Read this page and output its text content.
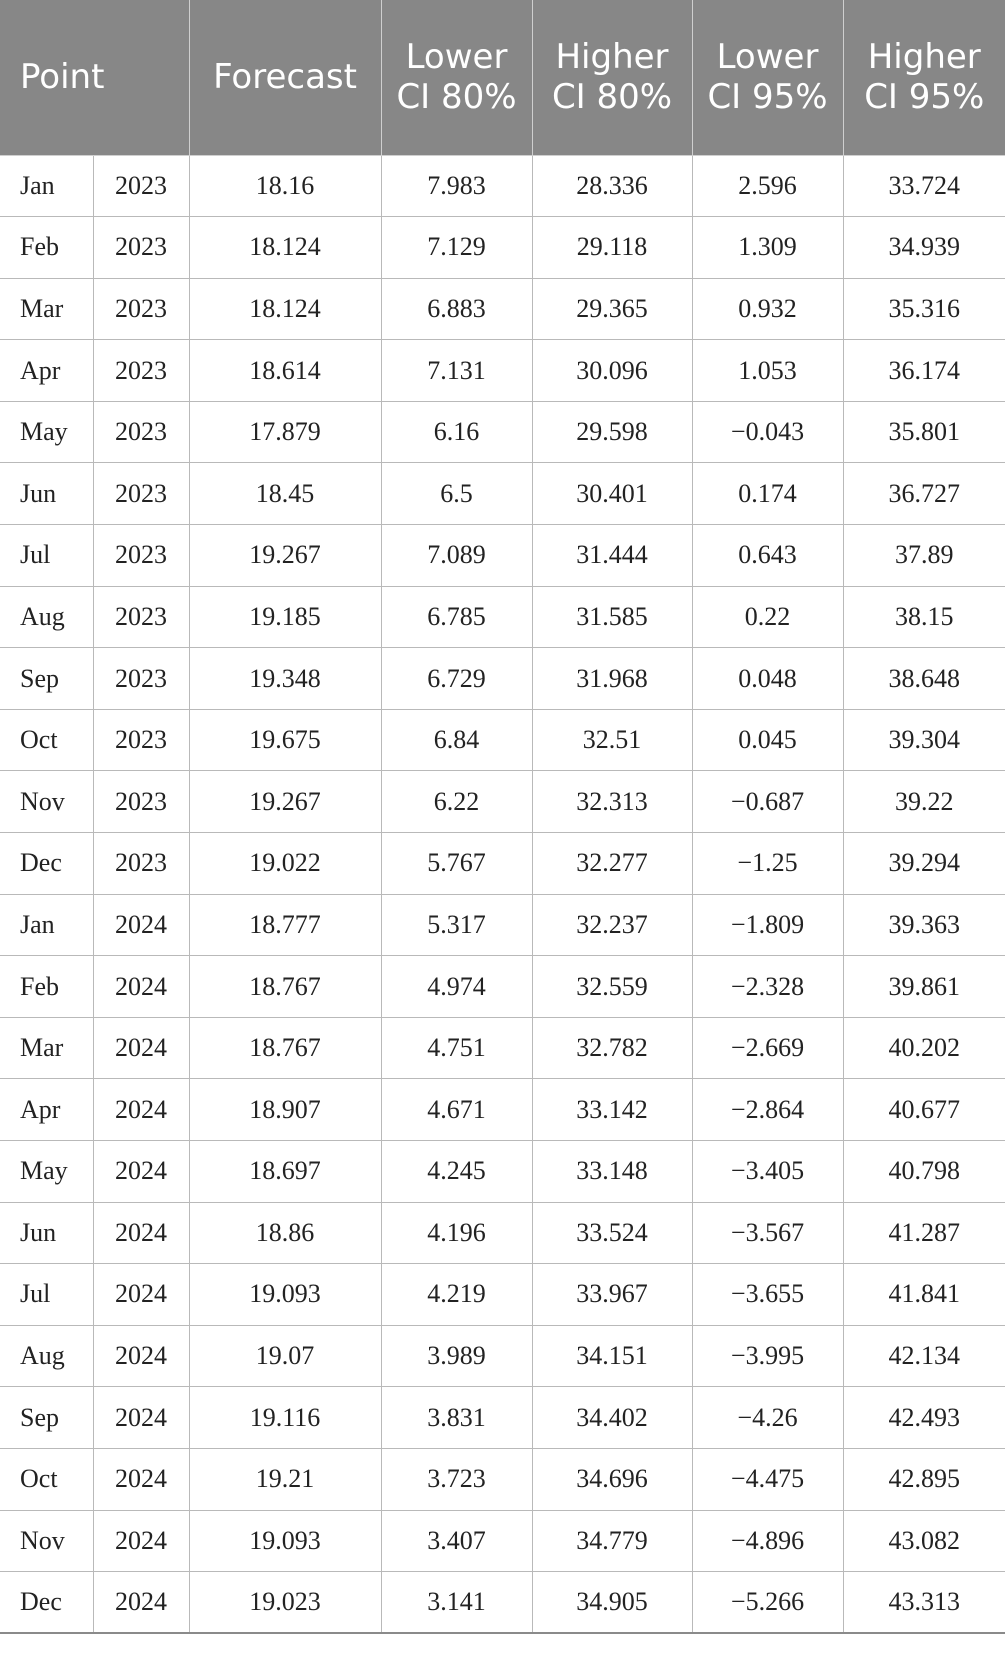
Point		Forecast	Lower CI 80%	Higher CI 80%	Lower CI 95%	Higher CI 95%
Jan	2023	18.16	7.983	28.336	2.596	33.724
Feb	2023	18.124	7.129	29.118	1.309	34.939
Mar	2023	18.124	6.883	29.365	0.932	35.316
Apr	2023	18.614	7.131	30.096	1.053	36.174
May	2023	17.879	6.16	29.598	−0.043	35.801
Jun	2023	18.45	6.5	30.401	0.174	36.727
Jul	2023	19.267	7.089	31.444	0.643	37.89
Aug	2023	19.185	6.785	31.585	0.22	38.15
Sep	2023	19.348	6.729	31.968	0.048	38.648
Oct	2023	19.675	6.84	32.51	0.045	39.304
Nov	2023	19.267	6.22	32.313	−0.687	39.22
Dec	2023	19.022	5.767	32.277	−1.25	39.294
Jan	2024	18.777	5.317	32.237	−1.809	39.363
Feb	2024	18.767	4.974	32.559	−2.328	39.861
Mar	2024	18.767	4.751	32.782	−2.669	40.202
Apr	2024	18.907	4.671	33.142	−2.864	40.677
May	2024	18.697	4.245	33.148	−3.405	40.798
Jun	2024	18.86	4.196	33.524	−3.567	41.287
Jul	2024	19.093	4.219	33.967	−3.655	41.841
Aug	2024	19.07	3.989	34.151	−3.995	42.134
Sep	2024	19.116	3.831	34.402	−4.26	42.493
Oct	2024	19.21	3.723	34.696	−4.475	42.895
Nov	2024	19.093	3.407	34.779	−4.896	43.082
Dec	2024	19.023	3.141	34.905	−5.266	43.313
